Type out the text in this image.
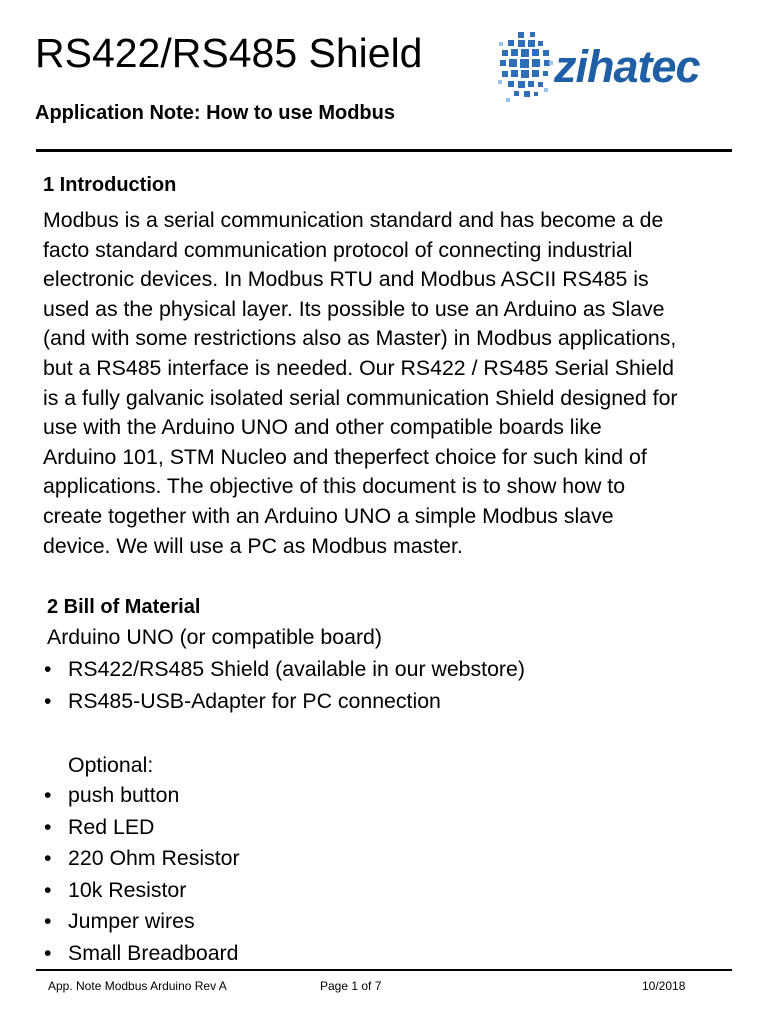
RS422/RS485 Shield	zihatec
Application Note: How to use Modbus
1 Introduction

Modbus is a serial communication standard and has become a de
facto standard communication protocol of connecting industrial
electronic devices. In Modbus RTU and Modbus ASCII RS485 is
used as the physical layer. Its possible to use an Arduino as Slave
(and with some restrictions also as Master) in Modbus applications,
but a RS485 interface is needed. Our RS422 / RS485 Serial Shield
is a fully galvanic isolated serial communication Shield designed for
use with the Arduino UNO and other compatible boards like
Arduino 101, STM Nucleo and theperfect choice for such kind of
applications. The objective of this document is to show how to
create together with an Arduino UNO a simple Modbus slave
device. We will use a PC as Modbus master.

2 Bill of Material

Arduino UNO (or compatible board)

• RS422/RS485 Shield (available in our webstore)
• RS485-USB-Adapter for PC connection

Optional:

• push button
• Red LED
• 220 Ohm Resistor
• 10k Resistor
• Jumper wires
• Small Breadboard
App. Note Modbus Arduino Rev A	Page 1 of 7	10/2018
